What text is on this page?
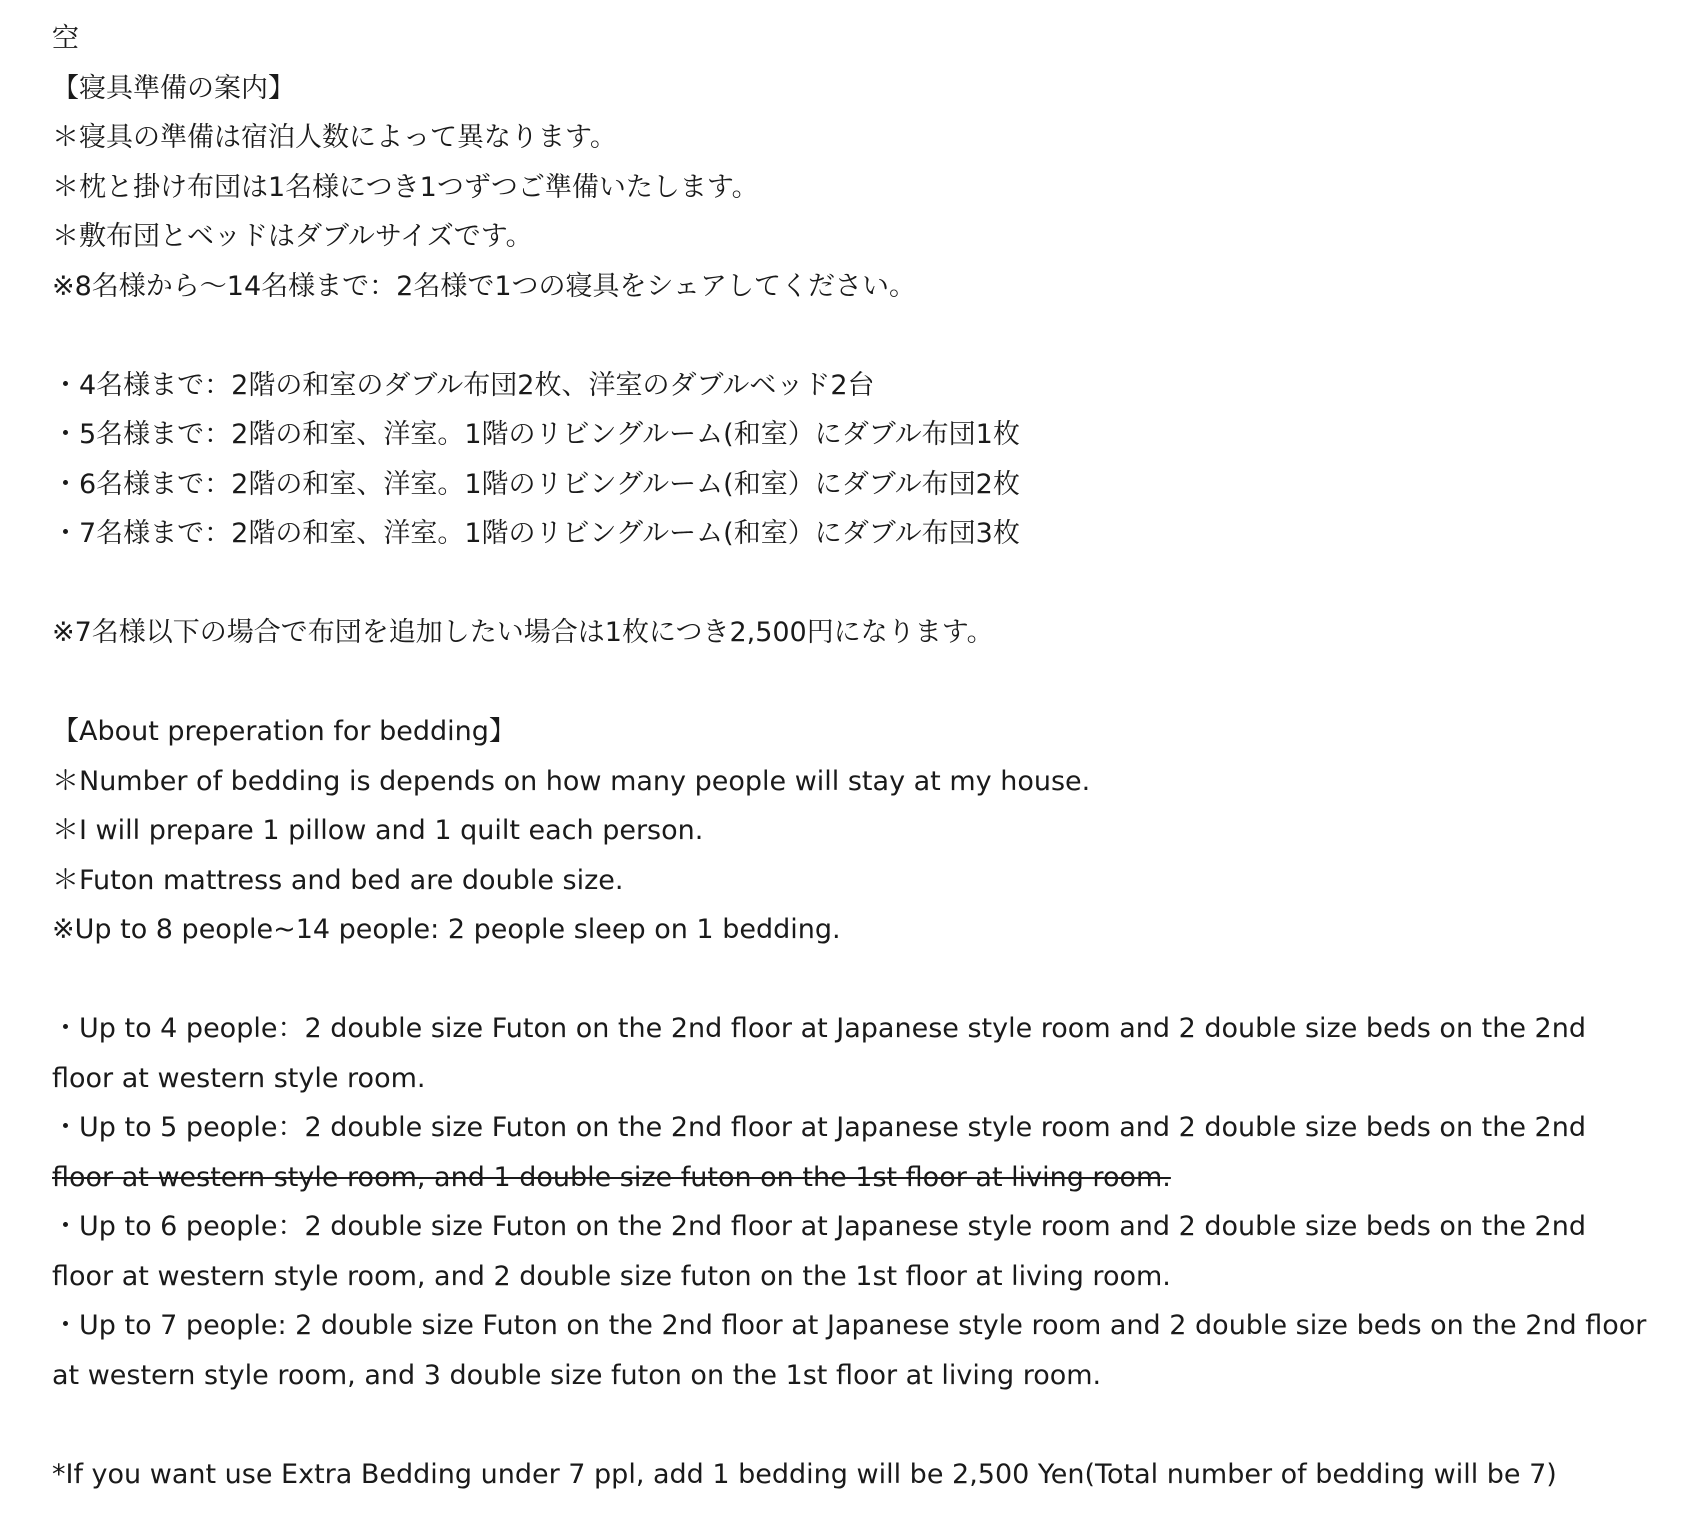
空
【寝具準備の案内】
＊寝具の準備は宿泊人数によって異なります。
＊枕と掛け布団は1名様につき1つずつご準備いたします。
＊敷布団とベッドはダブルサイズです。
※8名様から〜14名様まで：2名様で1つの寝具をシェアしてください。
・4名様まで：2階の和室のダブル布団2枚、洋室のダブルベッド2台
・5名様まで：2階の和室、洋室。1階のリビングルーム(和室）にダブル布団1枚
・6名様まで：2階の和室、洋室。1階のリビングルーム(和室）にダブル布団2枚
・7名様まで：2階の和室、洋室。1階のリビングルーム(和室）にダブル布団3枚
※7名様以下の場合で布団を追加したい場合は1枚につき2,500円になります。
【About preperation for bedding】
＊Number of bedding is depends on how many people will stay at my house.
＊I will prepare 1 pillow and 1 quilt each person.
＊Futon mattress and bed are double size.
※Up to 8 people~14 people: 2 people sleep on 1 bedding.
・Up to 4 people：2 double size Futon on the 2nd floor at Japanese style room and 2 double size beds on the 2nd
floor at western style room.
・Up to 5 people：2 double size Futon on the 2nd floor at Japanese style room and 2 double size beds on the 2nd
floor at western style room, and 1 double size futon on the 1st floor at living room.
・Up to 6 people：2 double size Futon on the 2nd floor at Japanese style room and 2 double size beds on the 2nd
floor at western style room, and 2 double size futon on the 1st floor at living room.
・Up to 7 people: 2 double size Futon on the 2nd floor at Japanese style room and 2 double size beds on the 2nd floor
at western style room, and 3 double size futon on the 1st floor at living room.
*If you want use Extra Bedding under 7 ppl, add 1 bedding will be 2,500 Yen(Total number of bedding will be 7)
